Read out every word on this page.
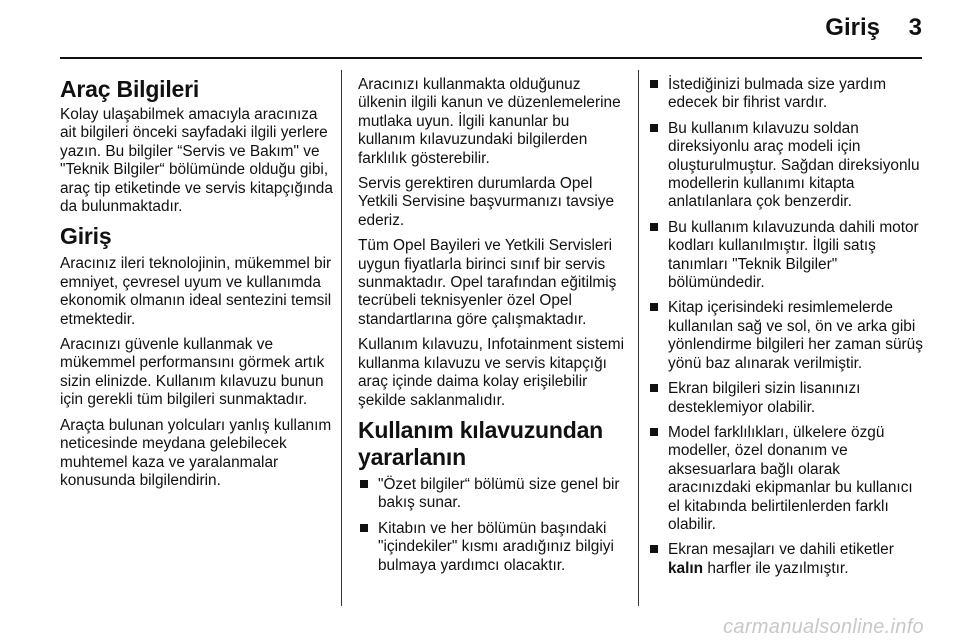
Giriş 3
Araç Bilgileri

Kolay ulaşabilmek amacıyla aracınıza ait bilgileri önceki sayfadaki ilgili yerlere yazın. Bu bilgiler “Servis ve Bakım" ve "Teknik Bilgiler“ bölümünde olduğu gibi, araç tip etiketinde ve servis kitapçığında da bulunmaktadır.

Giriş

Aracınız ileri teknolojinin, mükemmel bir emniyet, çevresel uyum ve kullanımda ekonomik olmanın ideal sentezini temsil etmektedir.

Aracınızı güvenle kullanmak ve mükemmel performansını görmek artık sizin elinizde. Kullanım kılavuzu bunun için gerekli tüm bilgileri sunmaktadır.

Araçta bulunan yolcuları yanlış kullanım neticesinde meydana gelebilecek muhtemel kaza ve yaralanmalar konusunda bilgilendirin.

Aracınızı kullanmakta olduğunuz ülkenin ilgili kanun ve düzenlemelerine mutlaka uyun. İlgili kanunlar bu kullanım kılavuzundaki bilgilerden farklılık gösterebilir.

Servis gerektiren durumlarda Opel Yetkili Servisine başvurmanızı tavsiye ederiz.

Tüm Opel Bayileri ve Yetkili Servisleri uygun fiyatlarla birinci sınıf bir servis sunmaktadır. Opel tarafından eğitilmiş tecrübeli teknisyenler özel Opel standartlarına göre çalışmaktadır.

Kullanım kılavuzu, Infotainment sistemi kullanma kılavuzu ve servis kitapçığı araç içinde daima kolay erişilebilir şekilde saklanmalıdır.

Kullanım kılavuzundan yararlanın
"Özet bilgiler“ bölümü size genel bir bakış sunar.
Kitabın ve her bölümün başındaki "içindekiler" kısmı aradığınız bilgiyi bulmaya yardımcı olacaktır.
İstediğinizi bulmada size yardım edecek bir fihrist vardır.
Bu kullanım kılavuzu soldan direksiyonlu araç modeli için oluşturulmuştur. Sağdan direksiyonlu modellerin kullanımı kitapta anlatılanlara çok benzerdir.
Bu kullanım kılavuzunda dahili motor kodları kullanılmıştır. İlgili satış tanımları "Teknik Bilgiler" bölümündedir.
Kitap içerisindeki resimlemelerde kullanılan sağ ve sol, ön ve arka gibi yönlendirme bilgileri her zaman sürüş yönü baz alınarak verilmiştir.
Ekran bilgileri sizin lisanınızı desteklemiyor olabilir.
Model farklılıkları, ülkelere özgü modeller, özel donanım ve aksesuarlara bağlı olarak aracınızdaki ekipmanlar bu kullanıcı el kitabında belirtilenlerden farklı olabilir.
Ekran mesajları ve dahili etiketler kalın harfler ile yazılmıştır.
carmanualsonline.info
